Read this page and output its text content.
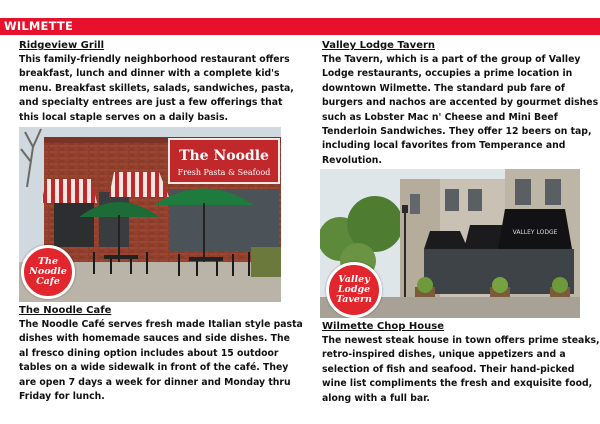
WILMETTE

Ridgeview Grill

This family-friendly neighborhood restaurant offers
breakfast, lunch and dinner with a complete kid's
menu. Breakfast skillets, salads, sandwiches, pasta,
and specialty entrees are just a few offerings that
this local staple serves on a daily basis.

The Noodle
Fresh Pasta & Seafood
The
Noodle
Cafe

The Noodle Cafe

The Noodle Café serves fresh made Italian style pasta
dishes with homemade sauces and side dishes. The
al fresco dining option includes about 15 outdoor
tables on a wide sidewalk in front of the café. They
are open 7 days a week for dinner and Monday thru
Friday for lunch.

Valley Lodge Tavern

The Tavern, which is a part of the group of Valley
Lodge restaurants, occupies a prime location in
downtown Wilmette. The standard pub fare of
burgers and nachos are accented by gourmet dishes
such as Lobster Mac n' Cheese and Mini Beef
Tenderloin Sandwiches. They offer 12 beers on tap,
including local favorites from Temperance and
Revolution.

VALLEY LODGE
Valley
Lodge
Tavern

Wilmette Chop House

The newest steak house in town offers prime steaks,
retro-inspired dishes, unique appetizers and a
selection of fish and seafood. Their hand-picked
wine list compliments the fresh and exquisite food,
along with a full bar.
